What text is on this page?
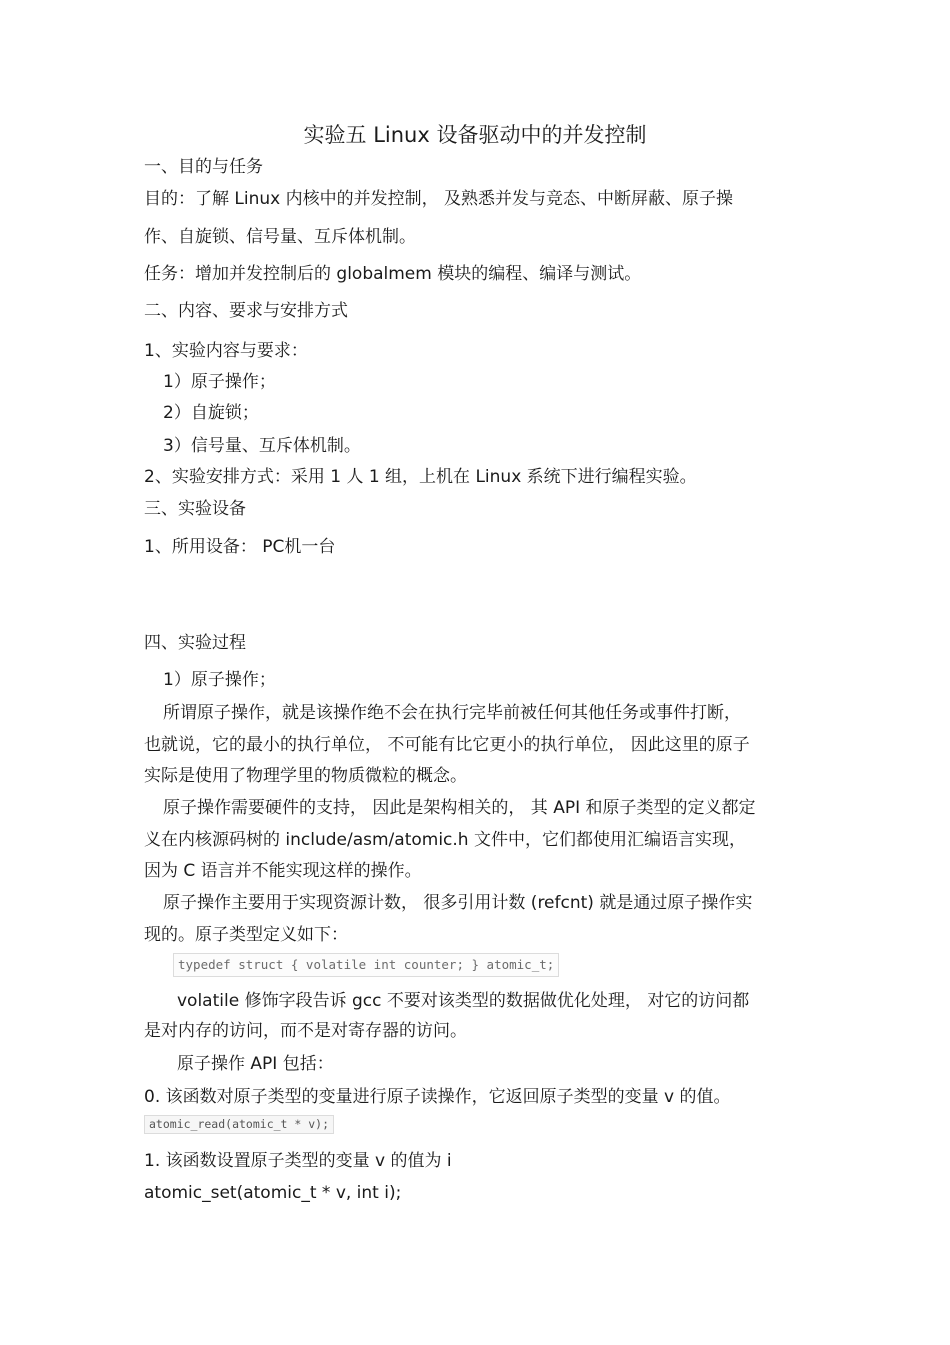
实验五 Linux 设备驱动中的并发控制
一、目的与任务
目的：了解 Linux 内核中的并发控制， 及熟悉并发与竞态、中断屏蔽、原子操
作、自旋锁、信号量、互斥体机制。
任务：增加并发控制后的 globalmem 模块的编程、编译与测试。
二、内容、要求与安排方式
1、实验内容与要求：
1）原子操作；
2）自旋锁；
3）信号量、互斥体机制。
2、实验安排方式：采用 1 人 1 组，上机在 Linux 系统下进行编程实验。
三、实验设备
1、所用设备： PC机一台
四、实验过程
1）原子操作；
所谓原子操作，就是该操作绝不会在执行完毕前被任何其他任务或事件打断，
也就说，它的最小的执行单位， 不可能有比它更小的执行单位， 因此这里的原子
实际是使用了物理学里的物质微粒的概念。
原子操作需要硬件的支持， 因此是架构相关的， 其 API 和原子类型的定义都定
义在内核源码树的 include/asm/atomic.h 文件中，它们都使用汇编语言实现，
因为 C 语言并不能实现这样的操作。
原子操作主要用于实现资源计数， 很多引用计数 (refcnt) 就是通过原子操作实
现的。原子类型定义如下：
typedef struct { volatile int counter; } atomic_t;
volatile 修饰字段告诉 gcc 不要对该类型的数据做优化处理， 对它的访问都
是对内存的访问，而不是对寄存器的访问。
原子操作 API 包括：
0. 该函数对原子类型的变量进行原子读操作，它返回原子类型的变量 v 的值。
atomic_read(atomic_t * v);
1. 该函数设置原子类型的变量 v 的值为 i
atomic_set(atomic_t * v, int i);
